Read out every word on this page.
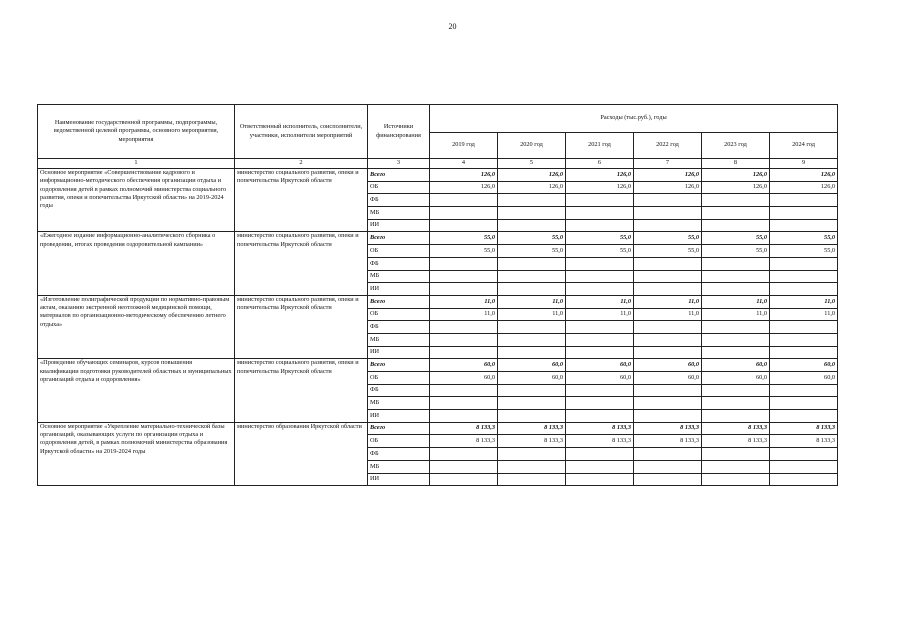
20
Наименование государственной программы, подпрограммы, ведомственной целевой программы, основного мероприятия, мероприятия	Ответственный исполнитель, соисполнители, участники, исполнители мероприятий	Источники финансирования	Расходы (тыс.руб.), годы					
			2019 год	2020 год	2021 год	2022 год	2023 год	2024 год
1	2	3	4	5	6	7	8	9
Основное мероприятие «Совершенствование кадрового и информационно-методического обеспечения организации отдыха и оздоровления детей в рамках полномочий министерства социального развития, опеки и попечительства Иркутской области» на 2019-2024 годы	министерство социального развития, опеки и попечительства Иркутской области	Всего	126,0	126,0	126,0	126,0	126,0	126,0
		ОБ	126,0	126,0	126,0	126,0	126,0	126,0
		ФБ						
		МБ						
		ИИ						
«Ежегодное издание информационно-аналитического сборника о проведении, итогах проведения оздоровительной кампании»	министерство социального развития, опеки и попечительства Иркутской области	Всего	55,0	55,0	55,0	55,0	55,0	55,0
		ОБ	55,0	55,0	55,0	55,0	55,0	55,0
		ФБ						
		МБ						
		ИИ						
«Изготовление полиграфической продукции по нормативно-правовым актам, оказанию экстренной неотложной медицинской помощи, материалов по организационно-методическому обеспечению летнего отдыха»	министерство социального развития, опеки и попечительства Иркутской области	Всего	11,0	11,0	11,0	11,0	11,0	11,0
		ОБ	11,0	11,0	11,0	11,0	11,0	11,0
		ФБ						
		МБ						
		ИИ						
«Проведение обучающих семинаров, курсов повышения квалификации подготовки руководителей областных и муниципальных организаций отдыха и оздоровления»	министерство социального развития, опеки и попечительства Иркутской области	Всего	60,0	60,0	60,0	60,0	60,0	60,0
		ОБ	60,0	60,0	60,0	60,0	60,0	60,0
		ФБ						
		МБ						
		ИИ						
Основное мероприятие «Укрепление материально-технической базы организаций, оказывающих услуги по организации отдыха и оздоровления детей, в рамках полномочий министерства образования Иркутской области» на 2019-2024 годы	министерство образования Иркутской области	Всего	8 133,3	8 133,3	8 133,3	8 133,3	8 133,3	8 133,3
		ОБ	8 133,3	8 133,3	8 133,3	8 133,3	8 133,3	8 133,3
		ФБ						
		МБ						
		ИИ						
